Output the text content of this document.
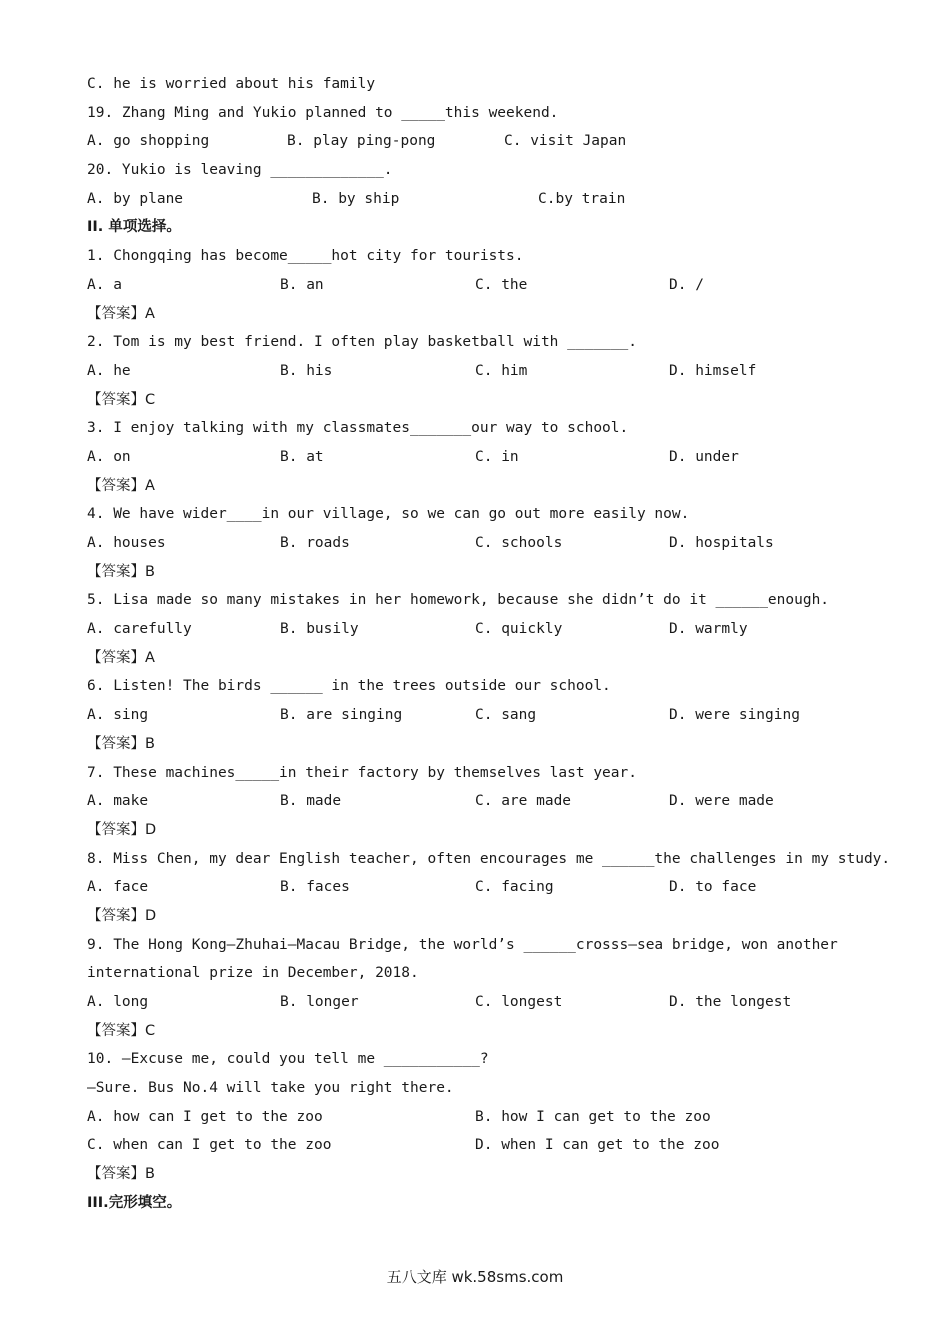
C. he is worried about his family
19. Zhang Ming and Yukio planned to _____this weekend.
A. go shopping	B. play ping-pong	C. visit Japan
20. Yukio is leaving _____________.
A. by plane	B. by ship	C.by train
II. 单项选择。
1. Chongqing has become_____hot city for tourists.
A. a	B. an	C. the	D. /
【答案】A
2. Tom is my best friend. I often play basketball with _______.
A. he	B. his	C. him	D. himself
【答案】C
3. I enjoy talking with my classmates_______our way to school.
A. on	B. at	C. in	D. under
【答案】A
4. We have wider____in our village, so we can go out more easily now.
A. houses	B. roads	C. schools	D. hospitals
【答案】B
5. Lisa made so many mistakes in her homework, because she didn’t do it ______enough.
A. carefully	B. busily	C. quickly	D. warmly
【答案】A
6. Listen! The birds ______ in the trees outside our school.
A. sing	B. are singing	C. sang	D. were singing
【答案】B
7. These machines_____in their factory by themselves last year.
A. make	B. made	C. are made	D. were made
【答案】D
8. Miss Chen, my dear English teacher, often encourages me ______the challenges in my study.
A. face	B. faces	C. facing	D. to face
【答案】D
9. The Hong Kong—Zhuhai—Macau Bridge, the world’s ______crosss—sea bridge, won another
international prize in December, 2018.
A. long	B. longer	C. longest	D. the longest
【答案】C
10. —Excuse me, could you tell me ___________?
—Sure. Bus No.4 will take you right there.
A. how can I get to the zoo	B. how I can get to the zoo
C. when can I get to the zoo	D. when I can get to the zoo
【答案】B
III.完形填空。
五八文库 wk.58sms.com
